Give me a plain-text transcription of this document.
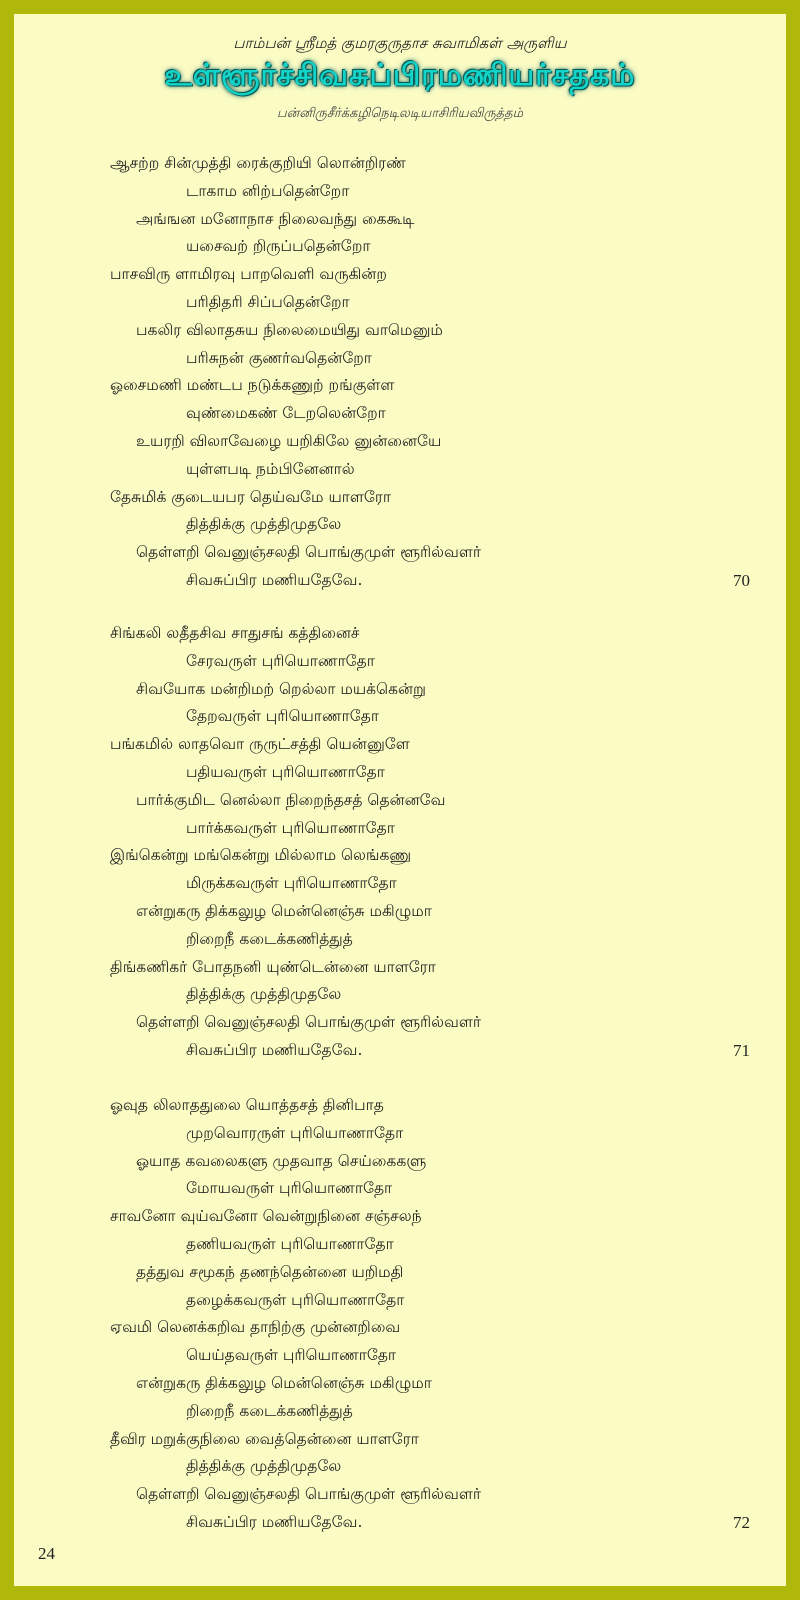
பாம்பன் ஸ்ரீமத் குமரகுருதாச சுவாமிகள் அருளிய
உள்ளூர்ச்சிவசுப்பிரமணியர்சதகம்
பன்னிருசீர்க்கழிநெடிலடியாசிரியவிருத்தம்
ஆசற்ற சின்முத்தி ரைக்குறியி லொன்றிரண்
டாகாம னிற்பதென்றோ
அங்ஙன மனோநாச நிலைவந்து கைகூடி
யசைவற் றிருப்பதென்றோ
பாசவிரு ளாமிரவு பாறவெளி வருகின்ற
பரிதிதரி சிப்பதென்றோ
பகலிர விலாதசுய நிலைமையிது வாமெனும்
பரிசுநன் குணர்வதென்றோ
ஓசைமணி மண்டப நடுக்கணுற் றங்குள்ள
வுண்மைகண் டேறலென்றோ
உயரறி விலாவேழை யறிகிலே னுன்னையே
யுள்ளபடி நம்பினேனால்
தேசுமிக் குடையபர தெய்வமே யாளரோ
தித்திக்கு முத்திமுதலே
தெள்ளறி வெனுஞ்சலதி பொங்குமுள் ளூரில்வளர்
சிவசுப்பிர மணியதேவே.	70
சிங்கலி லதீதசிவ சாதுசங் கத்தினைச்
சேரவருள் புரியொணாதோ
சிவயோக மன்றிமற் றெல்லா மயக்கென்று
தேறவருள் புரியொணாதோ
பங்கமில் லாதவொ ருருட்சத்தி யென்னுளே
பதியவருள் புரியொணாதோ
பார்க்குமிட னெல்லா நிறைந்தசத் தென்னவே
பார்க்கவருள் புரியொணாதோ
இங்கென்று மங்கென்று மில்லாம லெங்கணு
மிருக்கவருள் புரியொணாதோ
என்றுகரு திக்கலுழ மென்னெஞ்சு மகிழுமா
றிறைநீ கடைக்கணித்துத்
திங்கணிகர் போதநனி யுண்டென்னை யாளரோ
தித்திக்கு முத்திமுதலே
தெள்ளறி வெனுஞ்சலதி பொங்குமுள் ளூரில்வளர்
சிவசுப்பிர மணியதேவே.	71
ஓவுத லிலாததுலை யொத்தசத் தினிபாத
முறவொரருள் புரியொணாதோ
ஓயாத கவலைகளு முதவாத செய்கைகளு
மோயவருள் புரியொணாதோ
சாவனோ வுய்வனோ வென்றுநினை சஞ்சலந்
தணியவருள் புரியொணாதோ
தத்துவ சமூகந் தணந்தென்னை யறிமதி
தழைக்கவருள் புரியொணாதோ
ஏவமி லெனக்கறிவ தாநிற்கு முன்னறிவை
யெய்தவருள் புரியொணாதோ
என்றுகரு திக்கலுழ மென்னெஞ்சு மகிழுமா
றிறைநீ கடைக்கணித்துத்
தீவிர மறுக்குநிலை வைத்தென்னை யாளரோ
தித்திக்கு முத்திமுதலே
தெள்ளறி வெனுஞ்சலதி பொங்குமுள் ளூரில்வளர்
சிவசுப்பிர மணியதேவே.	72
24
